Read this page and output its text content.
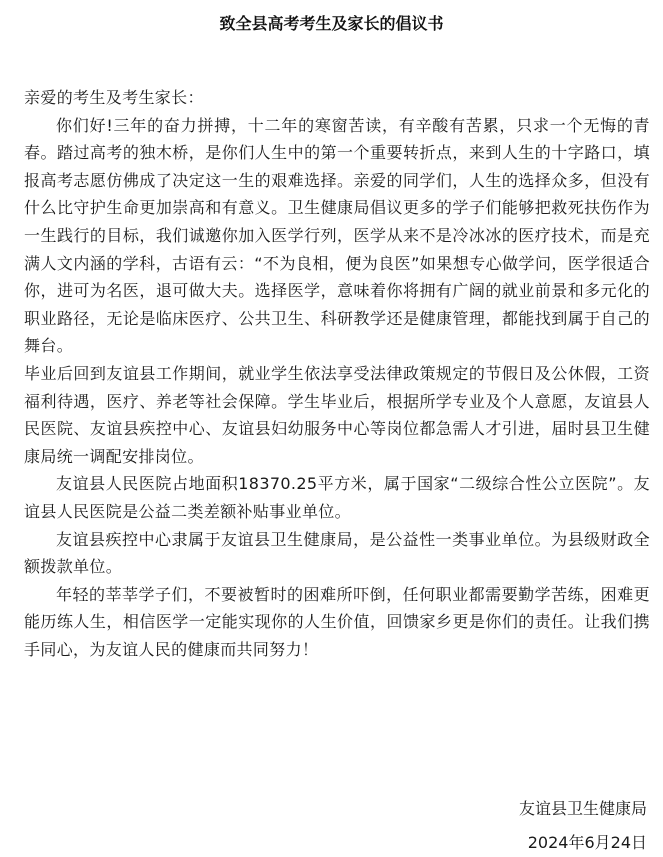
致全县高考考生及家长的倡议书

亲爱的考生及考生家长：

你们好!三年的奋力拼搏，十二年的寒窗苦读，有辛酸有苦累，只求一个无悔的青春。踏过高考的独木桥，是你们人生中的第一个重要转折点，来到人生的十字路口，填报高考志愿仿佛成了决定这一生的艰难选择。亲爱的同学们，人生的选择众多，但没有什么比守护生命更加崇高和有意义。卫生健康局倡议更多的学子们能够把救死扶伤作为一生践行的目标，我们诚邀你加入医学行列，医学从来不是冷冰冰的医疗技术，而是充满人文内涵的学科，古语有云：“不为良相，便为良医”如果想专心做学问，医学很适合你，进可为名医，退可做大夫。选择医学，意味着你将拥有广阔的就业前景和多元化的职业路径，无论是临床医疗、公共卫生、科研教学还是健康管理，都能找到属于自己的舞台。

毕业后回到友谊县工作期间，就业学生依法享受法律政策规定的节假日及公休假，工资福利待遇，医疗、养老等社会保障。学生毕业后，根据所学专业及个人意愿，友谊县人民医院、友谊县疾控中心、友谊县妇幼服务中心等岗位都急需人才引进，届时县卫生健康局统一调配安排岗位。

友谊县人民医院占地面积18370.25平方米，属于国家“二级综合性公立医院”。友谊县人民医院是公益二类差额补贴事业单位。

友谊县疾控中心隶属于友谊县卫生健康局，是公益性一类事业单位。为县级财政全额拨款单位。

年轻的莘莘学子们，不要被暂时的困难所吓倒，任何职业都需要勤学苦练，困难更能历练人生，相信医学一定能实现你的人生价值，回馈家乡更是你们的责任。让我们携手同心，为友谊人民的健康而共同努力！

友谊县卫生健康局
2024年6月24日
